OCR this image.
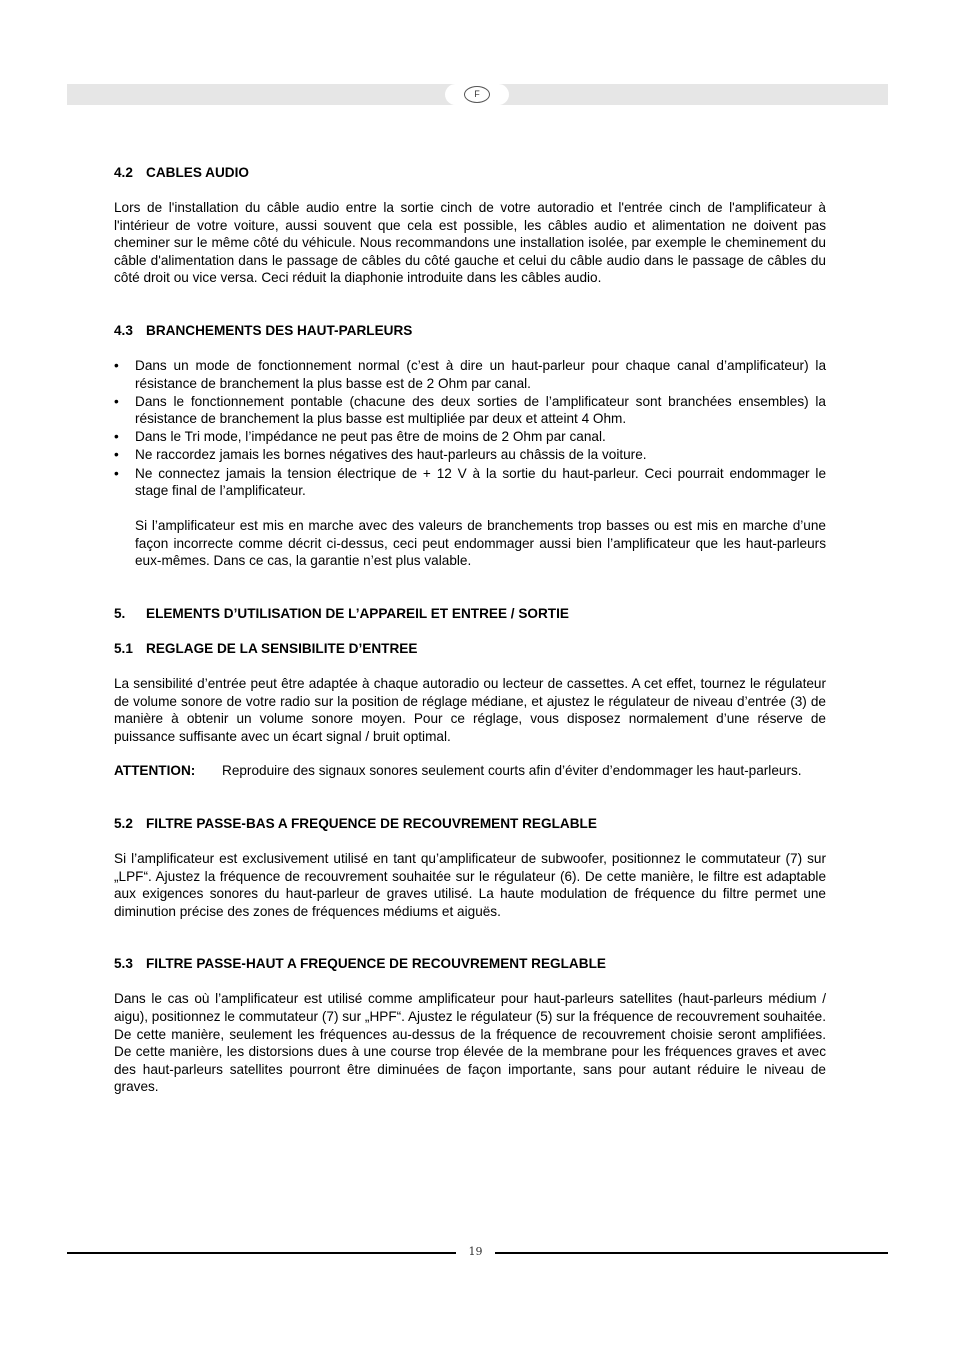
F
4.2 CABLES AUDIO

Lors de l'installation du câble audio entre la sortie cinch de votre autoradio et l'entrée cinch de l'amplificateur à l'intérieur de votre voiture, aussi souvent que cela est possible, les câbles audio et alimentation ne doivent pas cheminer sur le même côté du véhicule. Nous recommandons une installation isolée, par exemple le cheminement du câble d'alimentation dans le passage de câbles du côté gauche et celui du câble audio dans le passage de câbles du côté droit ou vice versa. Ceci réduit la diaphonie introduite dans les câbles audio.

4.3 BRANCHEMENTS DES HAUT-PARLEURS
• Dans un mode de fonctionnement normal (c’est à dire un haut-parleur pour chaque canal d’amplificateur) la résistance de branchement la plus basse est de 2 Ohm par canal.
• Dans le fonctionnement pontable (chacune des deux sorties de l’amplificateur sont branchées ensembles) la résistance de branchement la plus basse est multipliée par deux et atteint 4 Ohm.
• Dans le Tri mode, l’impédance ne peut pas être de moins de 2 Ohm par canal.
• Ne raccordez jamais les bornes négatives des haut-parleurs au châssis de la voiture.
• Ne connectez jamais la tension électrique de + 12 V à la sortie du haut-parleur. Ceci pourrait endommager le stage final de l’amplificateur.

Si l’amplificateur est mis en marche avec des valeurs de branchements trop basses ou est mis en marche d’une façon incorrecte comme décrit ci-dessus, ceci peut endommager aussi bien l’amplificateur que les haut-parleurs eux-mêmes. Dans ce cas, la garantie n’est plus valable.

5. ELEMENTS D’UTILISATION DE L’APPAREIL ET ENTREE / SORTIE
5.1 REGLAGE DE LA SENSIBILITE D’ENTREE

La sensibilité d’entrée peut être adaptée à chaque autoradio ou lecteur de cassettes. A cet effet, tournez le régulateur de volume sonore de votre radio sur la position de réglage médiane, et ajustez le régulateur de niveau d’entrée (3) de manière à obtenir un volume sonore moyen. Pour ce réglage, vous disposez normalement d’une réserve de puissance suffisante avec un écart signal / bruit optimal.

ATTENTION:	Reproduire des signaux sonores seulement courts afin d’éviter d’endommager les haut-parleurs.
5.2 FILTRE PASSE-BAS A FREQUENCE DE RECOUVREMENT REGLABLE

Si l’amplificateur est exclusivement utilisé en tant qu’amplificateur de subwoofer, positionnez le commutateur (7) sur „LPF“. Ajustez la fréquence de recouvrement souhaitée sur le régulateur (6). De cette manière, le filtre est adaptable aux exigences sonores du haut-parleur de graves utilisé. La haute modulation de fréquence du filtre permet une diminution précise des zones de fréquences médiums et aiguës.

5.3 FILTRE PASSE-HAUT A FREQUENCE DE RECOUVREMENT REGLABLE

Dans le cas où l’amplificateur est utilisé comme amplificateur pour haut-parleurs satellites (haut-parleurs médium / aigu), positionnez le commutateur (7) sur „HPF“. Ajustez le régulateur (5) sur la fréquence de recouvrement souhaitée. De cette manière, seulement les fréquences au-dessus de la fréquence de recouvrement choisie seront amplifiées. De cette manière, les distorsions dues à une course trop élevée de la membrane pour les fréquences graves et avec des haut-parleurs satellites pourront être diminuées de façon importante, sans pour autant réduire le niveau de graves.

19
